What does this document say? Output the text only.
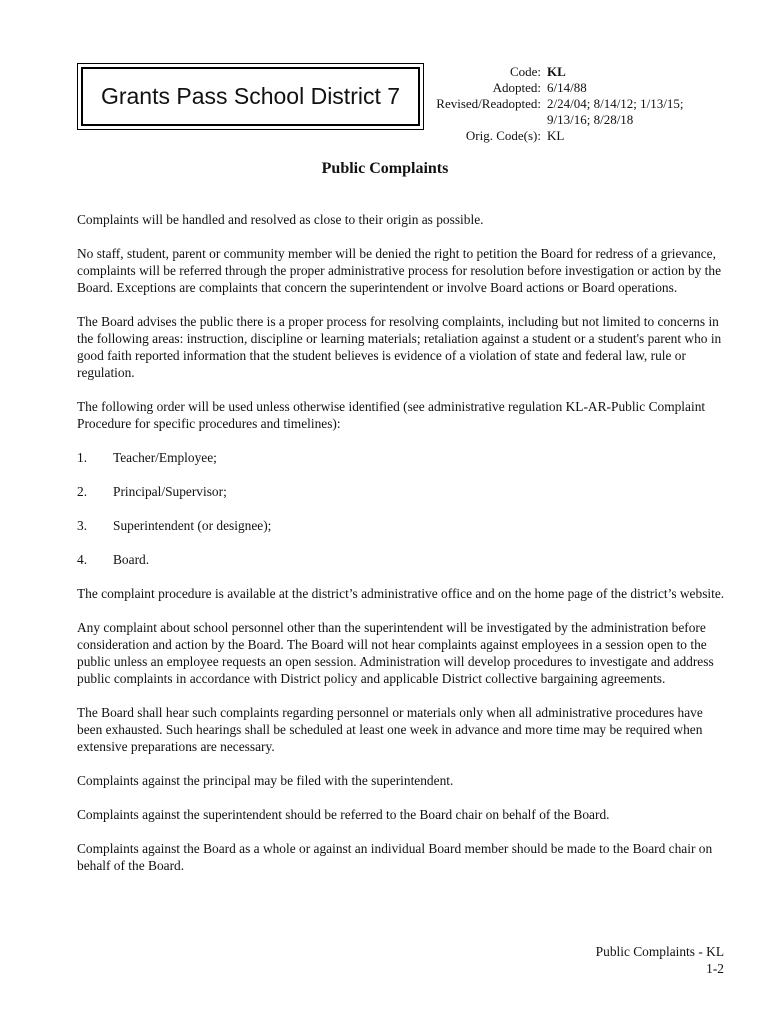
Grants Pass School District 7
Code: KL
Adopted: 6/14/88
Revised/Readopted: 2/24/04; 8/14/12; 1/13/15;
9/13/16; 8/28/18
Orig. Code(s): KL
Public Complaints

Complaints will be handled and resolved as close to their origin as possible.

No staff, student, parent or community member will be denied the right to petition the Board for redress of a grievance, complaints will be referred through the proper administrative process for resolution before investigation or action by the Board. Exceptions are complaints that concern the superintendent or involve Board actions or Board operations.

The Board advises the public there is a proper process for resolving complaints, including but not limited to concerns in the following areas: instruction, discipline or learning materials; retaliation against a student or a student's parent who in good faith reported information that the student believes is evidence of a violation of state and federal law, rule or regulation.

The following order will be used unless otherwise identified (see administrative regulation KL-AR-Public Complaint Procedure for specific procedures and timelines):

1.	Teacher/Employee;
2.	Principal/Supervisor;
3.	Superintendent (or designee);
4.	Board.

The complaint procedure is available at the district’s administrative office and on the home page of the district’s website.

Any complaint about school personnel other than the superintendent will be investigated by the administration before consideration and action by the Board. The Board will not hear complaints against employees in a session open to the public unless an employee requests an open session. Administration will develop procedures to investigate and address public complaints in accordance with District policy and applicable District collective bargaining agreements.

The Board shall hear such complaints regarding personnel or materials only when all administrative procedures have been exhausted. Such hearings shall be scheduled at least one week in advance and more time may be required when extensive preparations are necessary.

Complaints against the principal may be filed with the superintendent.

Complaints against the superintendent should be referred to the Board chair on behalf of the Board.

Complaints against the Board as a whole or against an individual Board member should be made to the Board chair on behalf of the Board.

Public Complaints - KL
1-2
